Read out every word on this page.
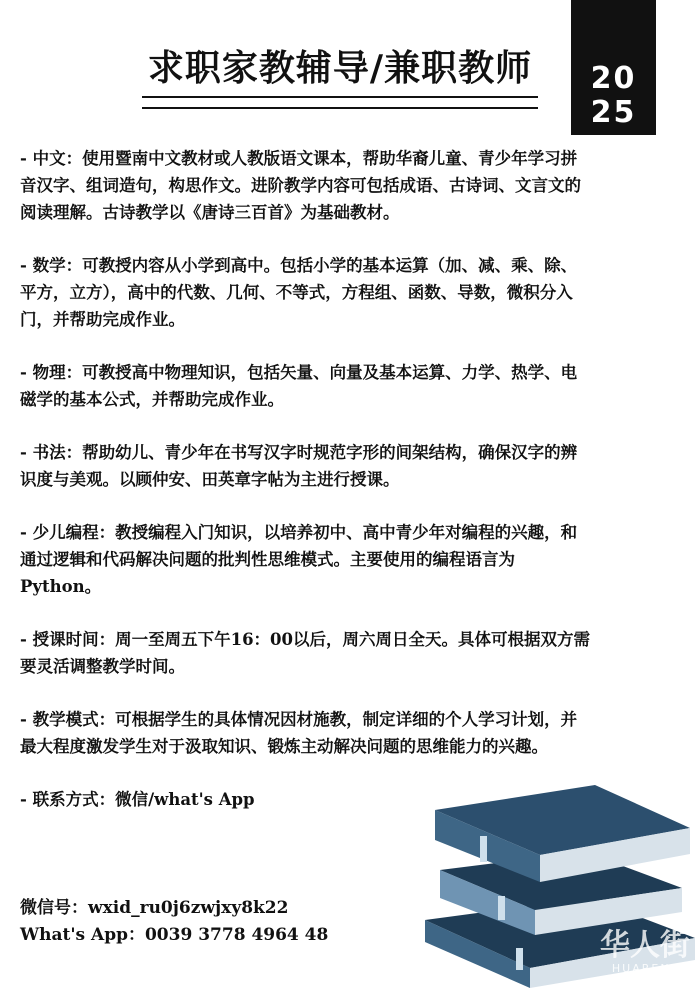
求职家教辅导/兼职教师	20
25

- 中文：使用暨南中文教材或人教版语文课本，帮助华裔儿童、青少年学习拼音汉字、组词造句，构思作文。进阶教学内容可包括成语、古诗词、文言文的阅读理解。古诗教学以《唐诗三百首》为基础教材。

- 数学：可教授内容从小学到高中。包括小学的基本运算（加、减、乘、除、平方，立方），高中的代数、几何、不等式，方程组、函数、导数，微积分入门，并帮助完成作业。

- 物理：可教授高中物理知识，包括矢量、向量及基本运算、力学、热学、电磁学的基本公式，并帮助完成作业。

- 书法：帮助幼儿、青少年在书写汉字时规范字形的间架结构，确保汉字的辨识度与美观。以顾仲安、田英章字帖为主进行授课。

- 少儿编程：教授编程入门知识，以培养初中、高中青少年对编程的兴趣，和通过逻辑和代码解决问题的批判性思维模式。主要使用的编程语言为Python。

- 授课时间：周一至周五下午16：00以后，周六周日全天。具体可根据双方需要灵活调整教学时间。

- 教学模式：可根据学生的具体情况因材施教，制定详细的个人学习计划，并最大程度激发学生对于汲取知识、锻炼主动解决问题的思维能力的兴趣。

- 联系方式：微信/what's App

微信号：wxid_ru0j6zwjxy8k22
What's App：0039 3778 4964 48	华人街
HUARENJIE
